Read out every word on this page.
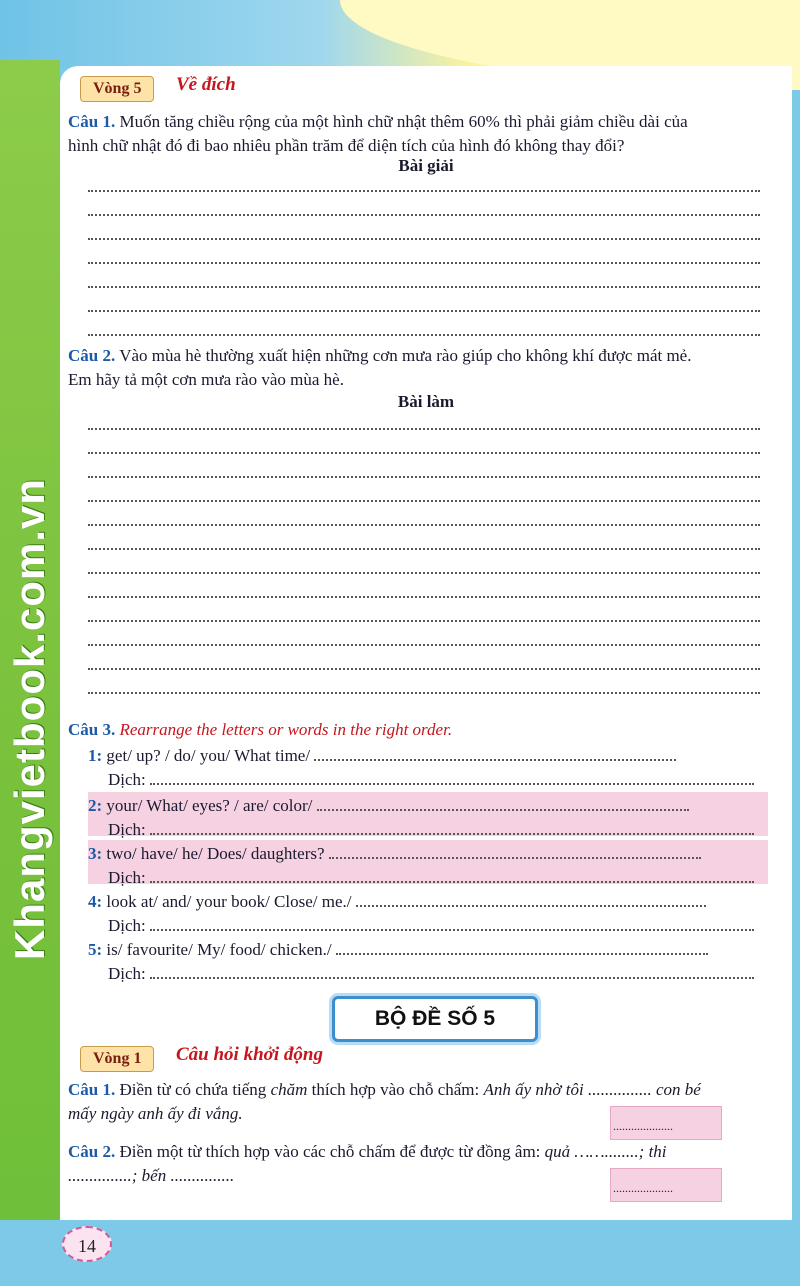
Khangvietbook.com.vn
Vòng 5	Về đích
Câu 1. Muốn tăng chiều rộng của một hình chữ nhật thêm 60% thì phải giảm chiều dài của
hình chữ nhật đó đi bao nhiêu phần trăm để diện tích của hình đó không thay đổi?
Bài giải
Câu 2. Vào mùa hè thường xuất hiện những cơn mưa rào giúp cho không khí được mát mẻ.
Em hãy tả một cơn mưa rào vào mùa hè.
Bài làm
Câu 3. Rearrange the letters or words in the right order.
1: get/ up? / do/ you/ What time/
Dịch:
2: your/ What/ eyes? / are/ color/
Dịch:
3: two/ have/ he/ Does/ daughters?
Dịch:
4: look at/ and/ your book/ Close/ me./
Dịch:
5: is/ favourite/ My/ food/ chicken./
Dịch:
BỘ ĐỀ SỐ 5
Vòng 1	Câu hỏi khởi động
Câu 1. Điền từ có chứa tiếng chăm thích hợp vào chỗ chấm: Anh ấy nhờ tôi ............... con bé
mấy ngày anh ấy đi vắng.
....................
Câu 2. Điền một từ thích hợp vào các chỗ chấm để được từ đồng âm: quả ……........; thi
...............; bến ...............
....................
14
